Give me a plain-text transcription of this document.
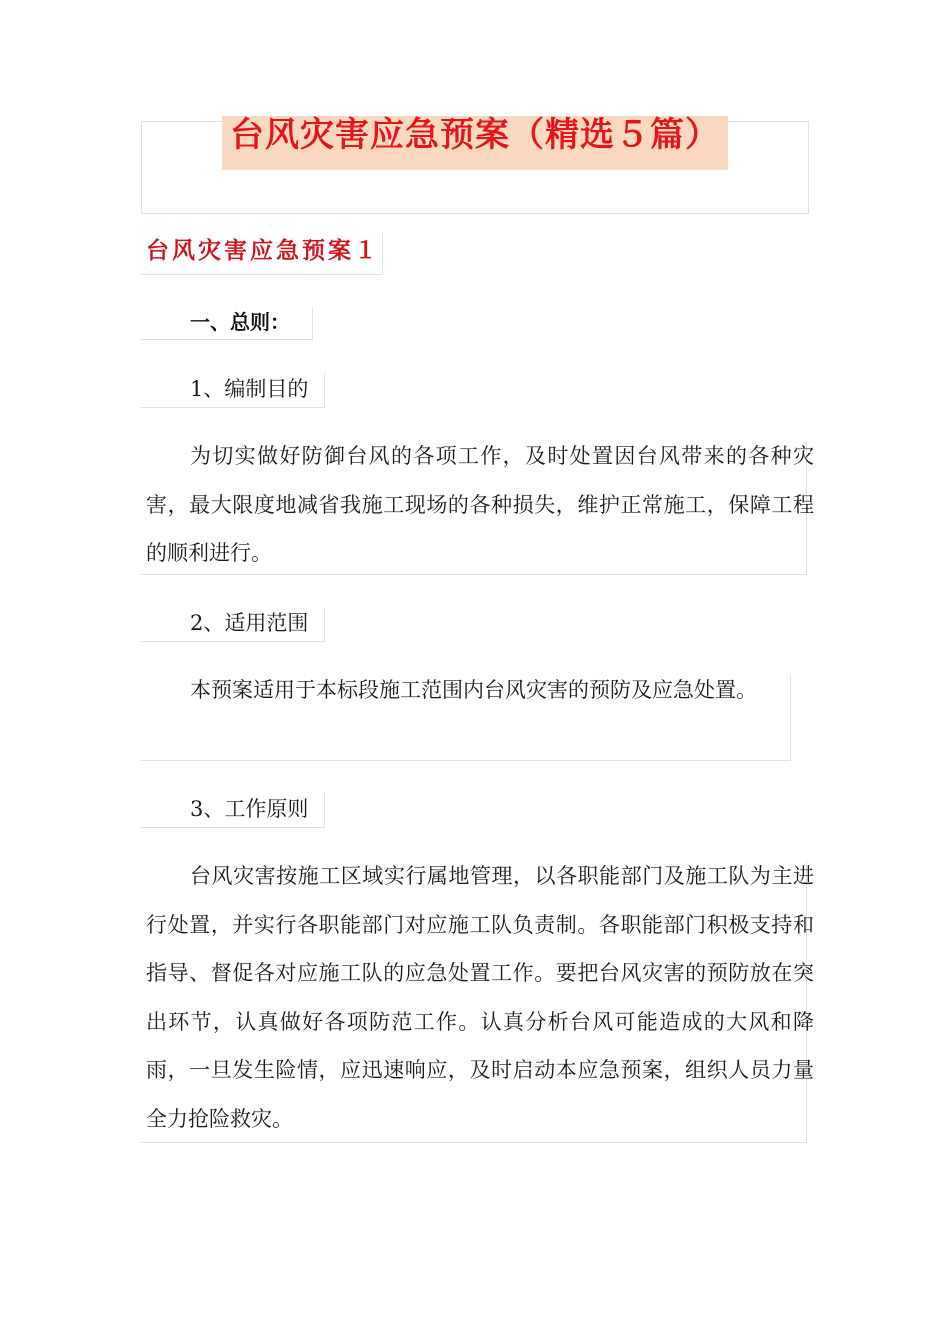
台风灾害应急预案（精选５篇）
台风灾害应急预案１
一、总则：
1、编制目的
为切实做好防御台风的各项工作，及时处置因台风带来的各种灾害，最大限度地减省我施工现场的各种损失，维护正常施工，保障工程的顺利进行。
2、适用范围
本预案适用于本标段施工范围内台风灾害的预防及应急处置。
3、工作原则
台风灾害按施工区域实行属地管理，以各职能部门及施工队为主进行处置，并实行各职能部门对应施工队负责制。各职能部门积极支持和指导、督促各对应施工队的应急处置工作。要把台风灾害的预防放在突出环节，认真做好各项防范工作。认真分析台风可能造成的大风和降雨，一旦发生险情，应迅速响应，及时启动本应急预案，组织人员力量全力抢险救灾。
